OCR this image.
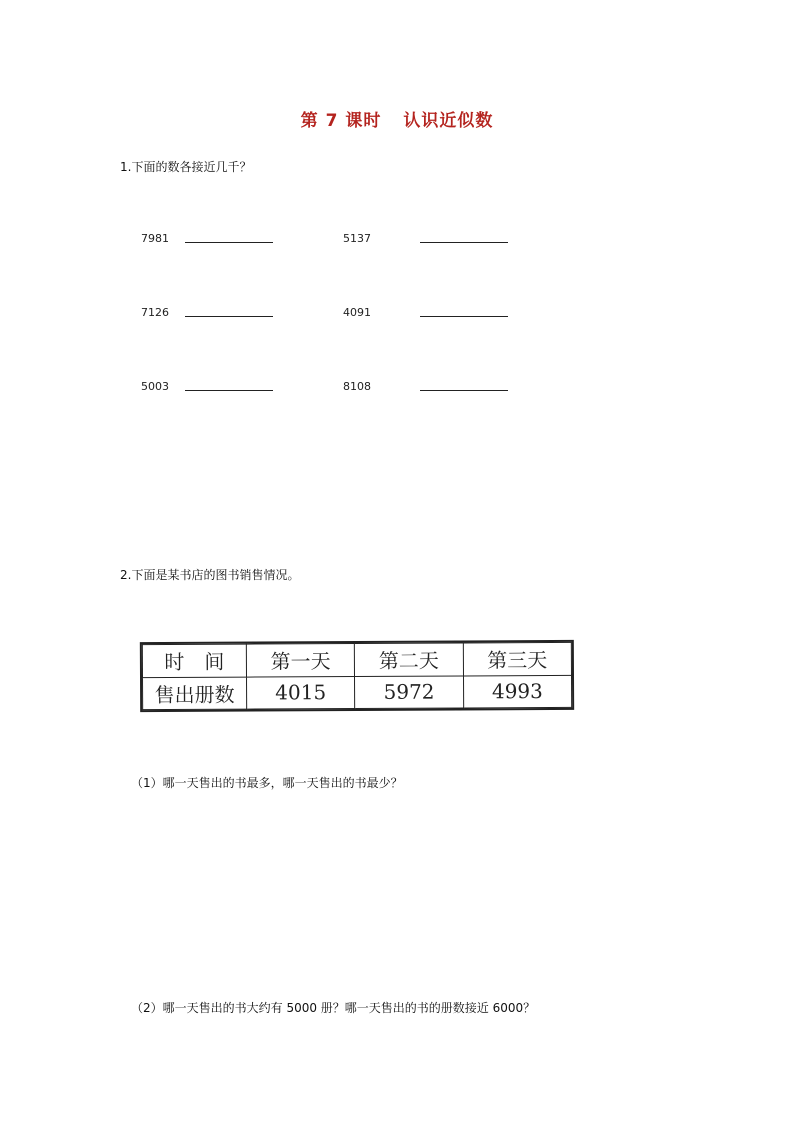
第 7 课时 认识近似数
1.下面的数各接近几千？
7981	5137
7126	4091
5003	8108
2.下面是某书店的图书销售情况。
时　间	第一天	第二天	第三天
售出册数	4015	5972	4993
（1）哪一天售出的书最多，哪一天售出的书最少？
（2）哪一天售出的书大约有 5000 册？哪一天售出的书的册数接近 6000？
